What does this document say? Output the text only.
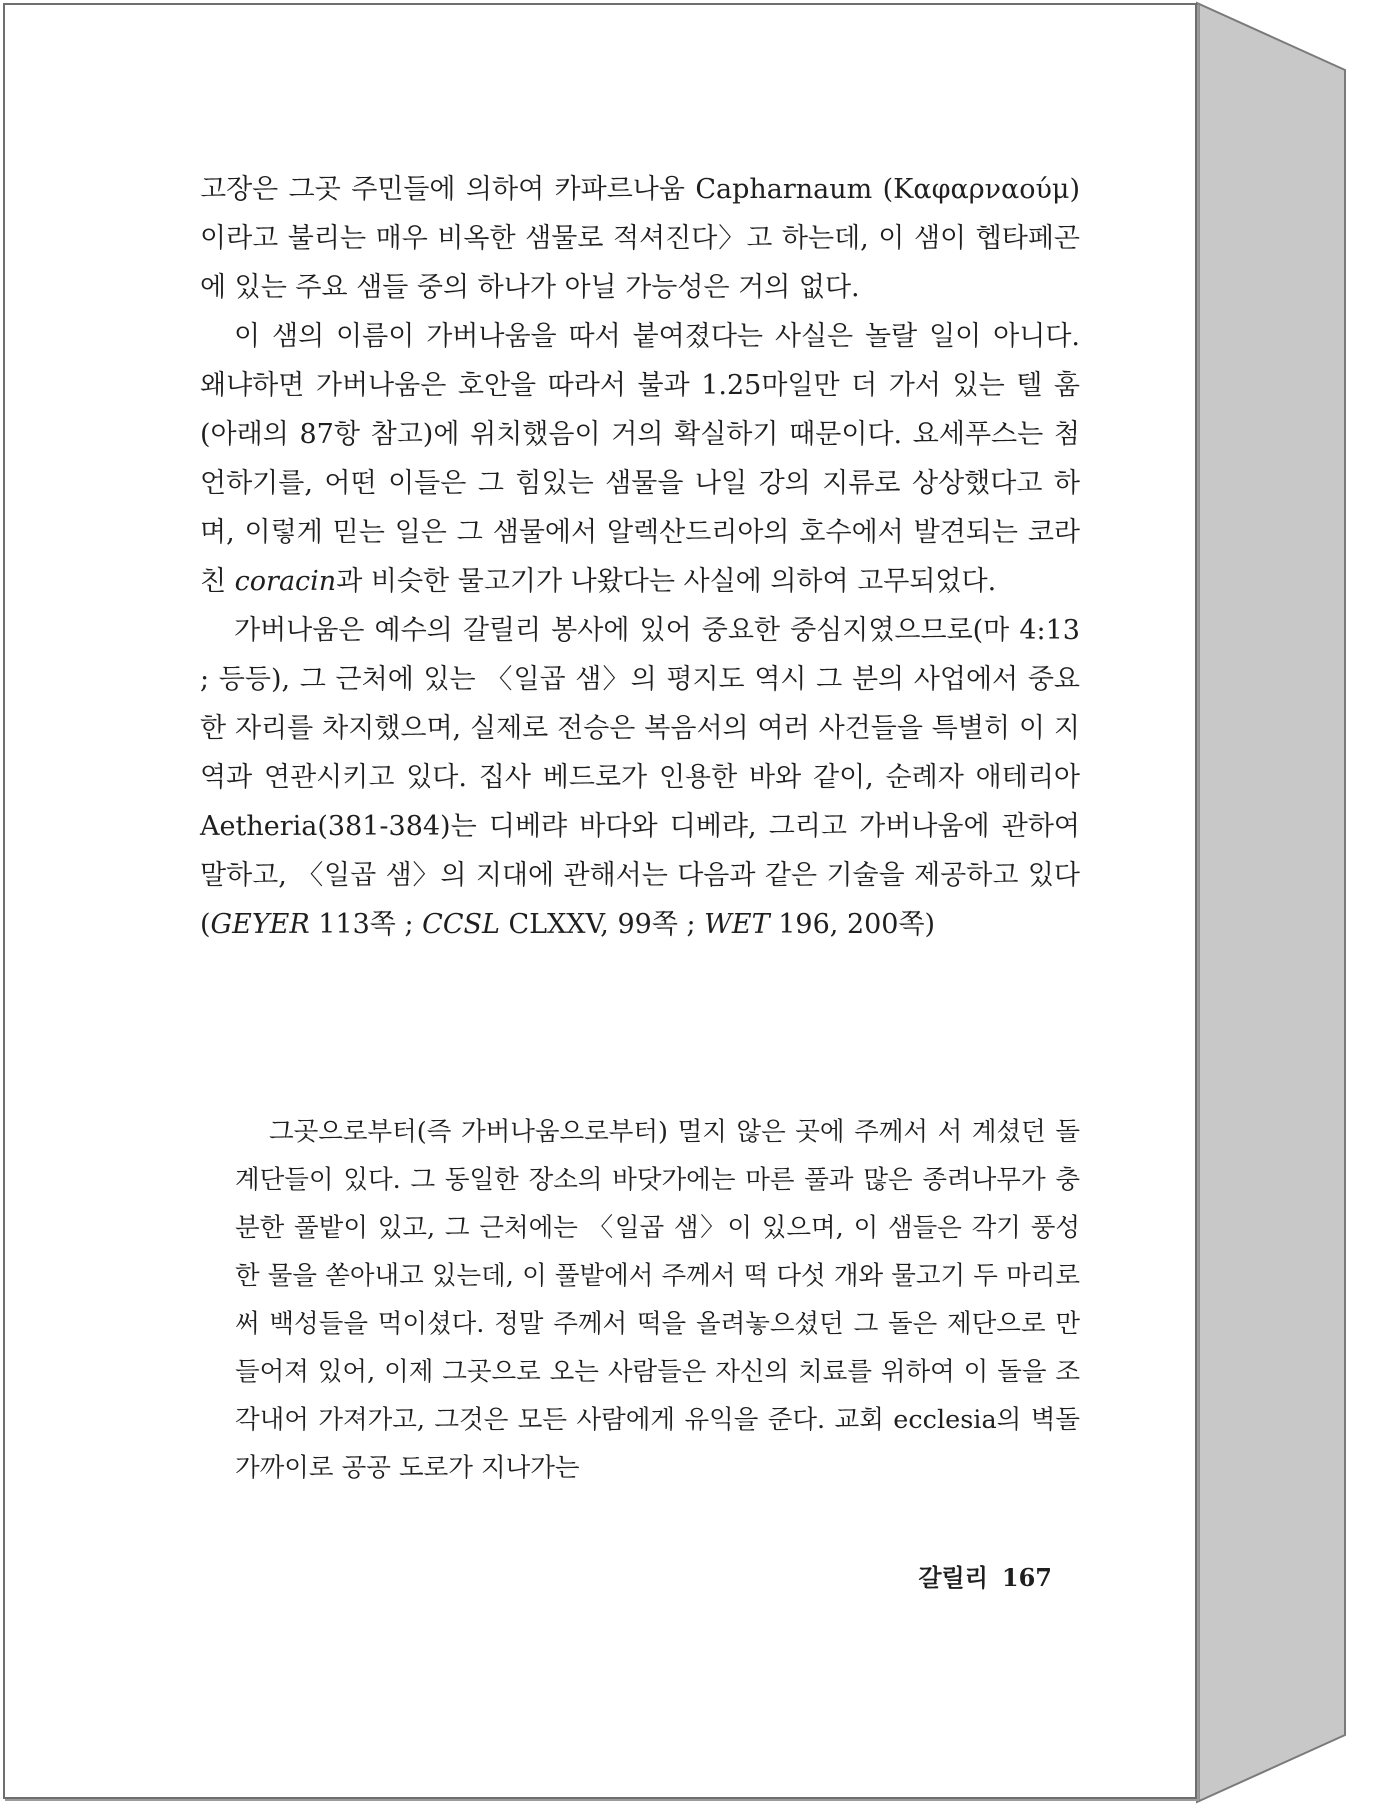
고장은 그곳 주민들에 의하여 카파르나움 Capharnaum (Καφαρναούμ) 이라고 불리는 매우 비옥한 샘물로 적셔진다〉고 하는데, 이 샘이 헵타페곤에 있는 주요 샘들 중의 하나가 아닐 가능성은 거의 없다.

이 샘의 이름이 가버나움을 따서 붙여졌다는 사실은 놀랄 일이 아니다. 왜냐하면 가버나움은 호안을 따라서 불과 1.25마일만 더 가서 있는 텔 훔(아래의 87항 참고)에 위치했음이 거의 확실하기 때문이다. 요세푸스는 첨언하기를, 어떤 이들은 그 힘있는 샘물을 나일 강의 지류로 상상했다고 하며, 이렇게 믿는 일은 그 샘물에서 알렉산드리아의 호수에서 발견되는 코라친 coracin과 비슷한 물고기가 나왔다는 사실에 의하여 고무되었다.

가버나움은 예수의 갈릴리 봉사에 있어 중요한 중심지였으므로(마 4:13 ; 등등), 그 근처에 있는 〈일곱 샘〉의 평지도 역시 그 분의 사업에서 중요한 자리를 차지했으며, 실제로 전승은 복음서의 여러 사건들을 특별히 이 지역과 연관시키고 있다. 집사 베드로가 인용한 바와 같이, 순례자 애테리아 Aetheria(381-384)는 디베랴 바다와 디베랴, 그리고 가버나움에 관하여 말하고, 〈일곱 샘〉의 지대에 관해서는 다음과 같은 기술을 제공하고 있다(GEYER 113쪽 ; CCSL CLXXV, 99쪽 ; WET 196, 200쪽)

그곳으로부터(즉 가버나움으로부터) 멀지 않은 곳에 주께서 서 계셨던 돌 계단들이 있다. 그 동일한 장소의 바닷가에는 마른 풀과 많은 종려나무가 충분한 풀밭이 있고, 그 근처에는 〈일곱 샘〉이 있으며, 이 샘들은 각기 풍성한 물을 쏟아내고 있는데, 이 풀밭에서 주께서 떡 다섯 개와 물고기 두 마리로써 백성들을 먹이셨다. 정말 주께서 떡을 올려놓으셨던 그 돌은 제단으로 만들어져 있어, 이제 그곳으로 오는 사람들은 자신의 치료를 위하여 이 돌을 조각내어 가져가고, 그것은 모든 사람에게 유익을 준다. 교회 ecclesia의 벽돌 가까이로 공공 도로가 지나가는

갈릴리 167
